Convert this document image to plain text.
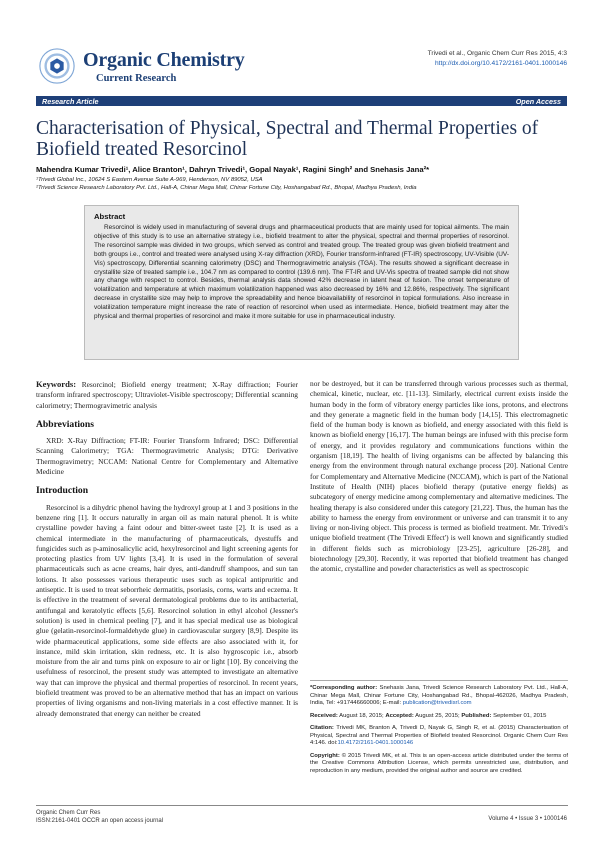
Organic Chemistry
Current Research
Trivedi et al., Organic Chem Curr Res 2015, 4:3
http://dx.doi.org/10.4172/2161-0401.1000146
Research Article	Open Access
Characterisation of Physical, Spectral and Thermal Properties of Biofield treated Resorcinol
Mahendra Kumar Trivedi¹, Alice Branton¹, Dahryn Trivedi¹, Gopal Nayak¹, Ragini Singh² and Snehasis Jana²*
¹Trivedi Global Inc., 10624 S Eastern Avenue Suite A-969, Henderson, NV 89052, USA
²Trivedi Science Research Laboratory Pvt. Ltd., Hall-A, Chinar Mega Mall, Chinar Fortune City, Hoshangabad Rd., Bhopal, Madhya Pradesh, India
Abstract

Resorcinol is widely used in manufacturing of several drugs and pharmaceutical products that are mainly used for topical ailments. The main objective of this study is to use an alternative strategy i.e., biofield treatment to alter the physical, spectral and thermal properties of resorcinol. The resorcinol sample was divided in two groups, which served as control and treated group. The treated group was given biofield treatment and both groups i.e., control and treated were analysed using X-ray diffraction (XRD), Fourier transform-infrared (FT-IR) spectroscopy, UV-Visible (UV-Vis) spectroscopy, Differential scanning calorimetry (DSC) and Thermogravimetric analysis (TGA). The results showed a significant decrease in crystallite size of treated sample i.e., 104.7 nm as compared to control (139.6 nm). The FT-IR and UV-Vis spectra of treated sample did not show any change with respect to control. Besides, thermal analysis data showed 42% decrease in latent heat of fusion. The onset temperature of volatilization and temperature at which maximum volatilization happened was also decreased by 16% and 12.86%, respectively. The significant decrease in crystallite size may help to improve the spreadability and hence bioavailability of resorcinol in topical formulations. Also increase in volatilization temperature might increase the rate of reaction of resorcinol when used as intermediate. Hence, biofield treatment may alter the physical and thermal properties of resorcinol and make it more suitable for use in pharmaceutical industry.

Keywords: Resorcinol; Biofield energy treatment; X-Ray diffraction; Fourier transform infrared spectroscopy; Ultraviolet-Visible spectroscopy; Differential scanning calorimetry; Thermogravimetric analysis

Abbreviations

XRD: X-Ray Diffraction; FT-IR: Fourier Transform Infrared; DSC: Differential Scanning Calorimetry; TGA: Thermogravimetric Analysis; DTG: Derivative Thermogravimetry; NCCAM: National Centre for Complementary and Alternative Medicine

Introduction

Resorcinol is a dihydric phenol having the hydroxyl group at 1 and 3 positions in the benzene ring [1]. It occurs naturally in argan oil as main natural phenol. It is white crystalline powder having a faint odour and bitter-sweet taste [2]. It is used as a chemical intermediate in the manufacturing of pharmaceuticals, dyestuffs and fungicides such as p-aminosalicylic acid, hexylresorcinol and light screening agents for protecting plastics from UV lights [3,4]. It is used in the formulation of several pharmaceuticals such as acne creams, hair dyes, anti-dandruff shampoos, and sun tan lotions. It also possesses various therapeutic uses such as topical antipruritic and antiseptic. It is used to treat seborrheic dermatitis, psoriasis, corns, warts and eczema. It is effective in the treatment of several dermatological problems due to its antibacterial, antifungal and keratolytic effects [5,6]. Resorcinol solution in ethyl alcohol (Jessner's solution) is used in chemical peeling [7], and it has special medical use as biological glue (gelatin-resorcinol-formaldehyde glue) in cardiovascular surgery [8,9]. Despite its wide pharmaceutical applications, some side effects are also associated with it, for instance, mild skin irritation, skin redness, etc. It is also hygroscopic i.e., absorb moisture from the air and turns pink on exposure to air or light [10]. By conceiving the usefulness of resorcinol, the present study was attempted to investigate an alternative way that can improve the physical and thermal properties of resorcinol. In recent years, biofield treatment was proved to be an alternative method that has an impact on various properties of living organisms and non-living materials in a cost effective manner. It is already demonstrated that energy can neither be created

nor be destroyed, but it can be transferred through various processes such as thermal, chemical, kinetic, nuclear, etc. [11-13]. Similarly, electrical current exists inside the human body in the form of vibratory energy particles like ions, protons, and electrons and they generate a magnetic field in the human body [14,15]. This electromagnetic field of the human body is known as biofield, and energy associated with this field is known as biofield energy [16,17]. The human beings are infused with this precise form of energy, and it provides regulatory and communications functions within the organism [18,19]. The health of living organisms can be affected by balancing this energy from the environment through natural exchange process [20]. National Centre for Complementary and Alternative Medicine (NCCAM), which is part of the National Institute of Health (NIH) places biofield therapy (putative energy fields) as subcategory of energy medicine among complementary and alternative medicines. The healing therapy is also considered under this category [21,22]. Thus, the human has the ability to harness the energy from environment or universe and can transmit it to any living or non-living object. This process is termed as biofield treatment. Mr. Trivedi's unique biofield treatment (The Trivedi Effect') is well known and significantly studied in different fields such as microbiology [23-25], agriculture [26-28], and biotechnology [29,30]. Recently, it was reported that biofield treatment has changed the atomic, crystalline and powder characteristics as well as spectroscopic

*Corresponding author: Snehasis Jana, Trivedi Science Research Laboratory Pvt. Ltd., Hall-A, Chinar Mega Mall, Chinar Fortune City, Hoshangabad Rd., Bhopal-462026, Madhya Pradesh, India, Tel: +917446660006; E-mail: publication@trivedisrl.com

Received: August 18, 2015; Accepted: August 25, 2015; Published: September 01, 2015

Citation: Trivedi MK, Branton A, Trivedi D, Nayak G, Singh R, et al. (2015) Characterisation of Physical, Spectral and Thermal Properties of Biofield treated Resorcinol. Organic Chem Curr Res 4:146. doi:10.4172/2161-0401.1000146

Copyright: © 2015 Trivedi MK, et al. This is an open-access article distributed under the terms of the Creative Commons Attribution License, which permits unrestricted use, distribution, and reproduction in any medium, provided the original author and source are credited.

Organic Chem Curr Res
ISSN:2161-0401 OCCR an open access journal	Volume 4 • Issue 3 • 1000146
